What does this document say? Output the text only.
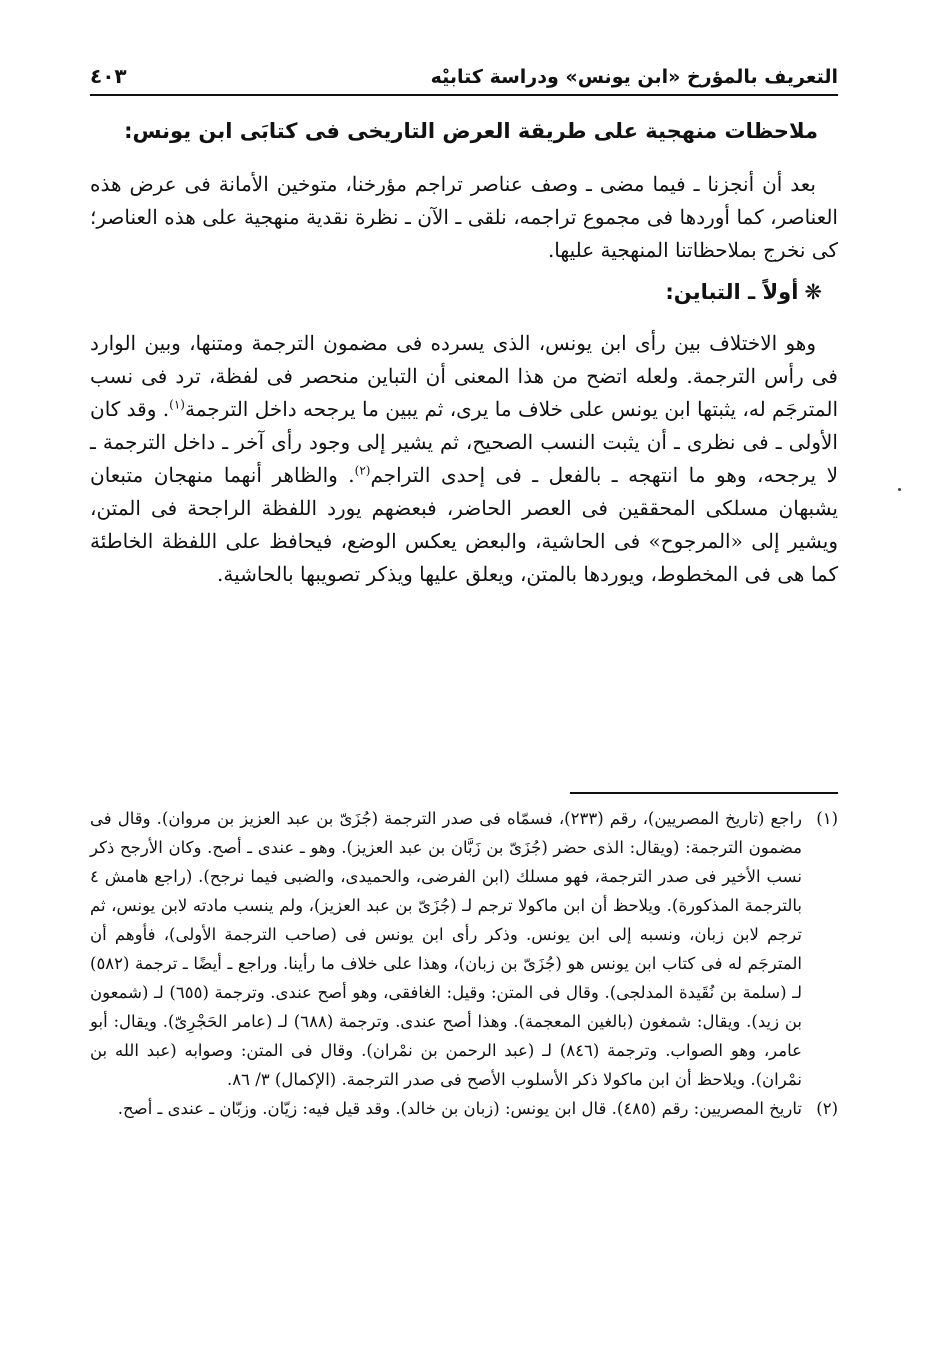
التعريف بالمؤرخ «ابن يونس» ودراسة كتابيْه
٤٠٣
ملاحظات منهجية على طريقة العرض التاريخى فى كتابَى ابن يونس:

بعد أن أنجزنا ـ فيما مضى ـ وصف عناصر تراجم مؤرخنا، متوخين الأمانة فى عرض هذه العناصر، كما أوردها فى مجموع تراجمه، نلقى ـ الآن ـ نظرة نقدية منهجية على هذه العناصر؛ كى نخرج بملاحظاتنا المنهجية عليها.

❋أولاً ـ التباين:

وهو الاختلاف بين رأى ابن يونس، الذى يسرده فى مضمون الترجمة ومتنها، وبين الوارد فى رأس الترجمة. ولعله اتضح من هذا المعنى أن التباين منحصر فى لفظة، ترد فى نسب المترجَم له، يثبتها ابن يونس على خلاف ما يرى، ثم يبين ما يرجحه داخل الترجمة$^{(١)}$. وقد كان الأولى ـ فى نظرى ـ أن يثبت النسب الصحيح، ثم يشير إلى وجود رأى آخر ـ داخل الترجمة ـ لا يرجحه، وهو ما انتهجه ـ بالفعل ـ فى إحدى التراجم$^{(٢)}$. والظاهر أنهما منهجان متبعان يشبهان مسلكى المحققين فى العصر الحاضر، فبعضهم يورد اللفظة الراجحة فى المتن، ويشير إلى «المرجوح» فى الحاشية، والبعض يعكس الوضع، فيحافظ على اللفظة الخاطئة كما هى فى المخطوط، ويوردها بالمتن، ويعلق عليها ويذكر تصويبها بالحاشية.

(١)راجع (تاريخ المصريين)، رقم (٢٣٣)، فسمّاه فى صدر الترجمة (جُزَىّ بن عبد العزيز بن مروان). وقال فى مضمون الترجمة: (ويقال: الذى حضر (جُزَىّ بن زَبَّان بن عبد العزيز). وهو ـ عندى ـ أصح. وكان الأرجح ذكر نسب الأخير فى صدر الترجمة، فهو مسلك (ابن الفرضى، والحميدى، والضبى فيما نرجح). (راجع هامش ٤ بالترجمة المذكورة). ويلاحظ أن ابن ماكولا ترجم لـ (جُزَىّ بن عبد العزيز)، ولم ينسب مادته لابن يونس، ثم ترجم لابن زبان، ونسبه إلى ابن يونس. وذكر رأى ابن يونس فى (صاحب الترجمة الأولى)، فأوهم أن المترجَم له فى كتاب ابن يونس هو (جُزَىّ بن زبان)، وهذا على خلاف ما رأينا. وراجع ـ أيضًا ـ ترجمة (٥٨٢) لـ (سلمة بن نُقَيدة المدلجى). وقال فى المتن: وقيل: الغافقى، وهو أصح عندى. وترجمة (٦٥٥) لـ (شمعون بن زيد). ويقال: شمغون (بالغين المعجمة). وهذا أصح عندى. وترجمة (٦٨٨) لـ (عامر الحَجْرِىّ). ويقال: أبو عامر، وهو الصواب. وترجمة (٨٤٦) لـ (عبد الرحمن بن نمْران). وقال فى المتن: وصوابه (عبد الله بن نمْران). ويلاحظ أن ابن ماكولا ذكر الأسلوب الأصح فى صدر الترجمة. (الإكمال) ٣/ ٨٦.

(٢)تاريخ المصريين: رقم (٤٨٥). قال ابن يونس: (زبان بن خالد). وقد قيل فيه: زيّان. وزبّان ـ عندى ـ أصح.
